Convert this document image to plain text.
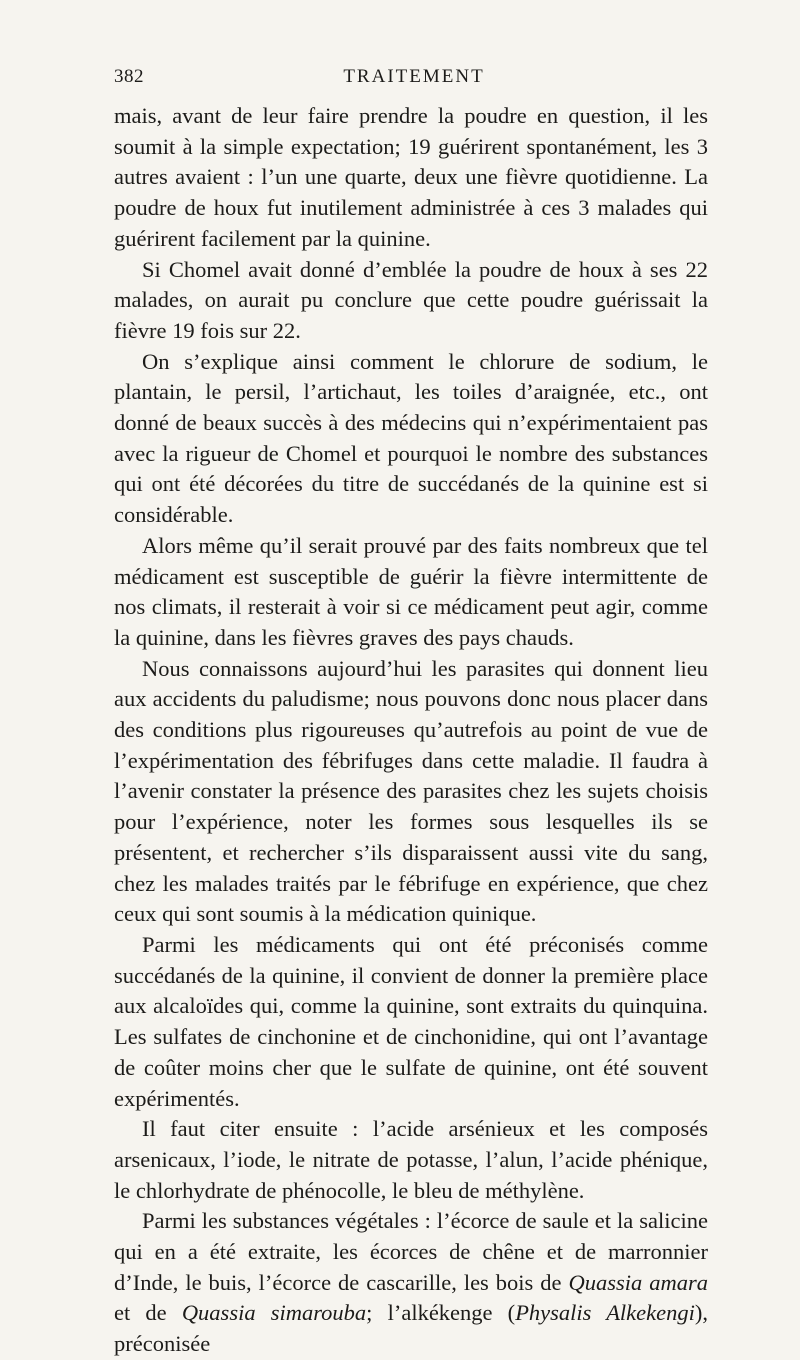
382	TRAITEMENT

mais, avant de leur faire prendre la poudre en question, il les soumit à la simple expectation; 19 guérirent spontanément, les 3 autres avaient : l’un une quarte, deux une fièvre quotidienne. La poudre de houx fut inutilement administrée à ces 3 malades qui guérirent facilement par la quinine.

Si Chomel avait donné d’emblée la poudre de houx à ses 22 malades, on aurait pu conclure que cette poudre guérissait la fièvre 19 fois sur 22.

On s’explique ainsi comment le chlorure de sodium, le plantain, le persil, l’artichaut, les toiles d’araignée, etc., ont donné de beaux succès à des médecins qui n’expérimentaient pas avec la rigueur de Chomel et pourquoi le nombre des substances qui ont été décorées du titre de succédanés de la quinine est si considérable.

Alors même qu’il serait prouvé par des faits nombreux que tel médicament est susceptible de guérir la fièvre intermittente de nos climats, il resterait à voir si ce médicament peut agir, comme la quinine, dans les fièvres graves des pays chauds.

Nous connaissons aujourd’hui les parasites qui donnent lieu aux accidents du paludisme; nous pouvons donc nous placer dans des conditions plus rigoureuses qu’autrefois au point de vue de l’expérimentation des fébrifuges dans cette maladie. Il faudra à l’avenir constater la présence des parasites chez les sujets choisis pour l’expérience, noter les formes sous lesquelles ils se présentent, et rechercher s’ils disparaissent aussi vite du sang, chez les malades traités par le fébrifuge en expérience, que chez ceux qui sont soumis à la médication quinique.

Parmi les médicaments qui ont été préconisés comme succédanés de la quinine, il convient de donner la première place aux alcaloïdes qui, comme la quinine, sont extraits du quinquina. Les sulfates de cinchonine et de cinchonidine, qui ont l’avantage de coûter moins cher que le sulfate de quinine, ont été souvent expérimentés.

Il faut citer ensuite : l’acide arsénieux et les composés arsenicaux, l’iode, le nitrate de potasse, l’alun, l’acide phénique, le chlorhydrate de phénocolle, le bleu de méthylène.

Parmi les substances végétales : l’écorce de saule et la salicine qui en a été extraite, les écorces de chêne et de marronnier d’Inde, le buis, l’écorce de cascarille, les bois de Quassia amara et de Quassia simarouba; l’alkékenge (Physalis Alkekengi), préconisée
